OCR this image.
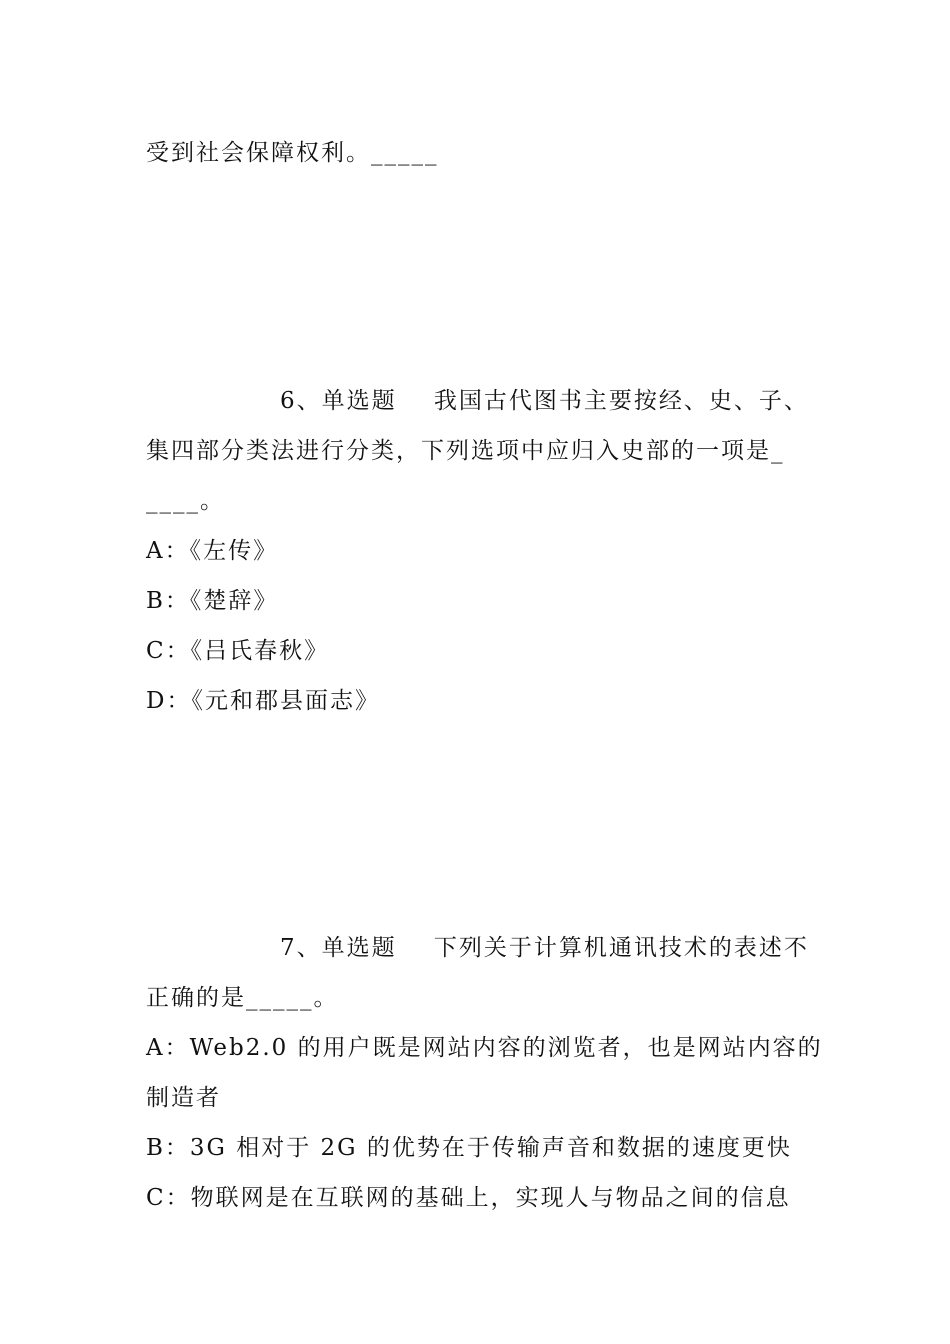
受到社会保障权利。_____
6、单选题    我国古代图书主要按经、史、子、
集四部分类法进行分类，下列选项中应归入史部的一项是_
____。
A：《左传》
B：《楚辞》
C：《吕氏春秋》
D：《元和郡县面志》
7、单选题    下列关于计算机通讯技术的表述不
正确的是_____。
A：Web2.0 的用户既是网站内容的浏览者，也是网站内容的
制造者
B：3G 相对于 2G 的优势在于传输声音和数据的速度更快
C：物联网是在互联网的基础上，实现人与物品之间的信息
